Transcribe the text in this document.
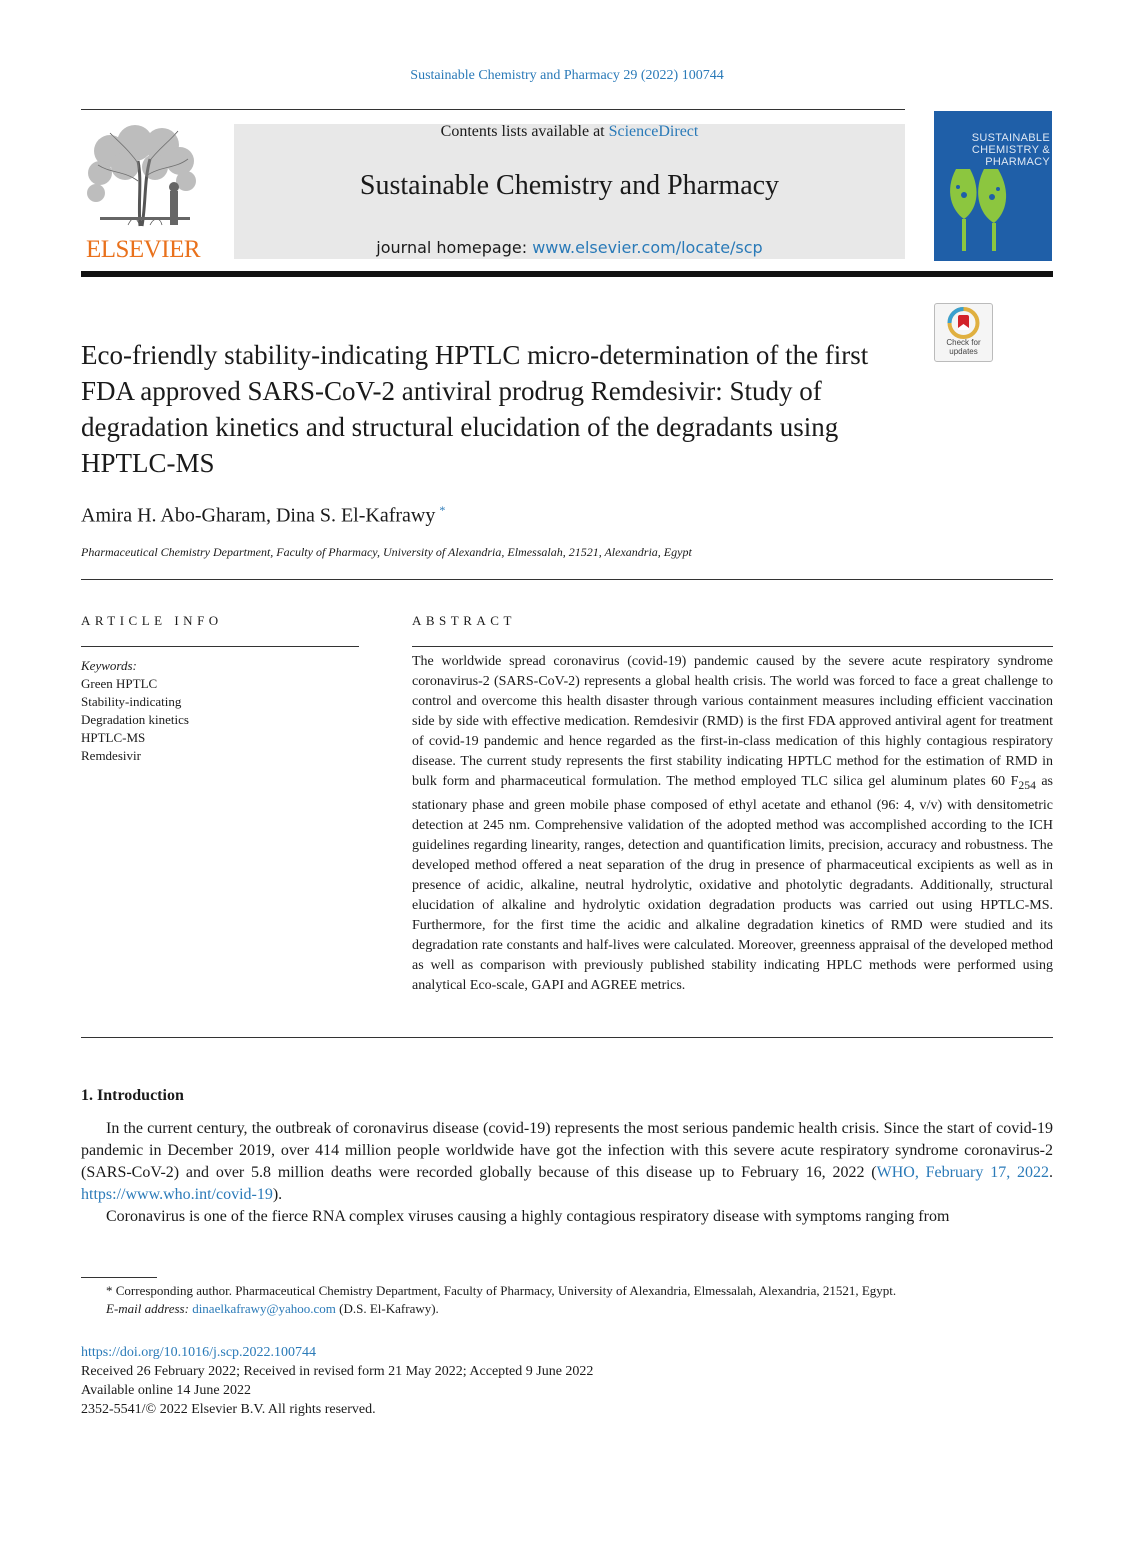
Sustainable Chemistry and Pharmacy 29 (2022) 100744
ELSEVIER
Contents lists available at ScienceDirect
Sustainable Chemistry and Pharmacy
journal homepage: www.elsevier.com/locate/scp
SUSTAINABLE CHEMISTRY & PHARMACY
Check for updates
Eco-friendly stability-indicating HPTLC micro-determination of the first FDA approved SARS-CoV-2 antiviral prodrug Remdesivir: Study of degradation kinetics and structural elucidation of the degradants using HPTLC-MS
Amira H. Abo-Gharam, Dina S. El-Kafrawy *
Pharmaceutical Chemistry Department, Faculty of Pharmacy, University of Alexandria, Elmessalah, 21521, Alexandria, Egypt
ARTICLE INFO	ABSTRACT
Keywords:
Green HPTLC
Stability-indicating
Degradation kinetics
HPTLC-MS
Remdesivir

The worldwide spread coronavirus (covid-19) pandemic caused by the severe acute respiratory syndrome coronavirus-2 (SARS-CoV-2) represents a global health crisis. The world was forced to face a great challenge to control and overcome this health disaster through various containment measures including efficient vaccination side by side with effective medication. Remdesivir (RMD) is the first FDA approved antiviral agent for treatment of covid-19 pandemic and hence regarded as the first-in-class medication of this highly contagious respiratory disease. The current study represents the first stability indicating HPTLC method for the estimation of RMD in bulk form and pharmaceutical formulation. The method employed TLC silica gel aluminum plates 60 $F_{254}$ as stationary phase and green mobile phase composed of ethyl acetate and ethanol (96: 4, v/v) with densitometric detection at 245 nm. Comprehensive validation of the adopted method was accomplished according to the ICH guidelines regarding linearity, ranges, detection and quantification limits, precision, accuracy and robustness. The developed method offered a neat separation of the drug in presence of pharmaceutical excipients as well as in presence of acidic, alkaline, neutral hydrolytic, oxidative and photolytic degradants. Additionally, structural elucidation of alkaline and hydrolytic oxidation degradation products was carried out using HPTLC-MS. Furthermore, for the first time the acidic and alkaline degradation kinetics of RMD were studied and its degradation rate constants and half-lives were calculated. Moreover, greenness appraisal of the developed method as well as comparison with previously published stability indicating HPLC methods were performed using analytical Eco-scale, GAPI and AGREE metrics.

1. Introduction

In the current century, the outbreak of coronavirus disease (covid-19) represents the most serious pandemic health crisis. Since the start of covid-19 pandemic in December 2019, over 414 million people worldwide have got the infection with this severe acute respiratory syndrome coronavirus-2 (SARS-CoV-2) and over 5.8 million deaths were recorded globally because of this disease up to February 16, 2022 (WHO, February 17, 2022. https://www.who.int/covid-19).

Coronavirus is one of the fierce RNA complex viruses causing a highly contagious respiratory disease with symptoms ranging from

* Corresponding author. Pharmaceutical Chemistry Department, Faculty of Pharmacy, University of Alexandria, Elmessalah, Alexandria, 21521, Egypt.
E-mail address: dinaelkafrawy@yahoo.com (D.S. El-Kafrawy).
https://doi.org/10.1016/j.scp.2022.100744
Received 26 February 2022; Received in revised form 21 May 2022; Accepted 9 June 2022
Available online 14 June 2022
2352-5541/© 2022 Elsevier B.V. All rights reserved.
